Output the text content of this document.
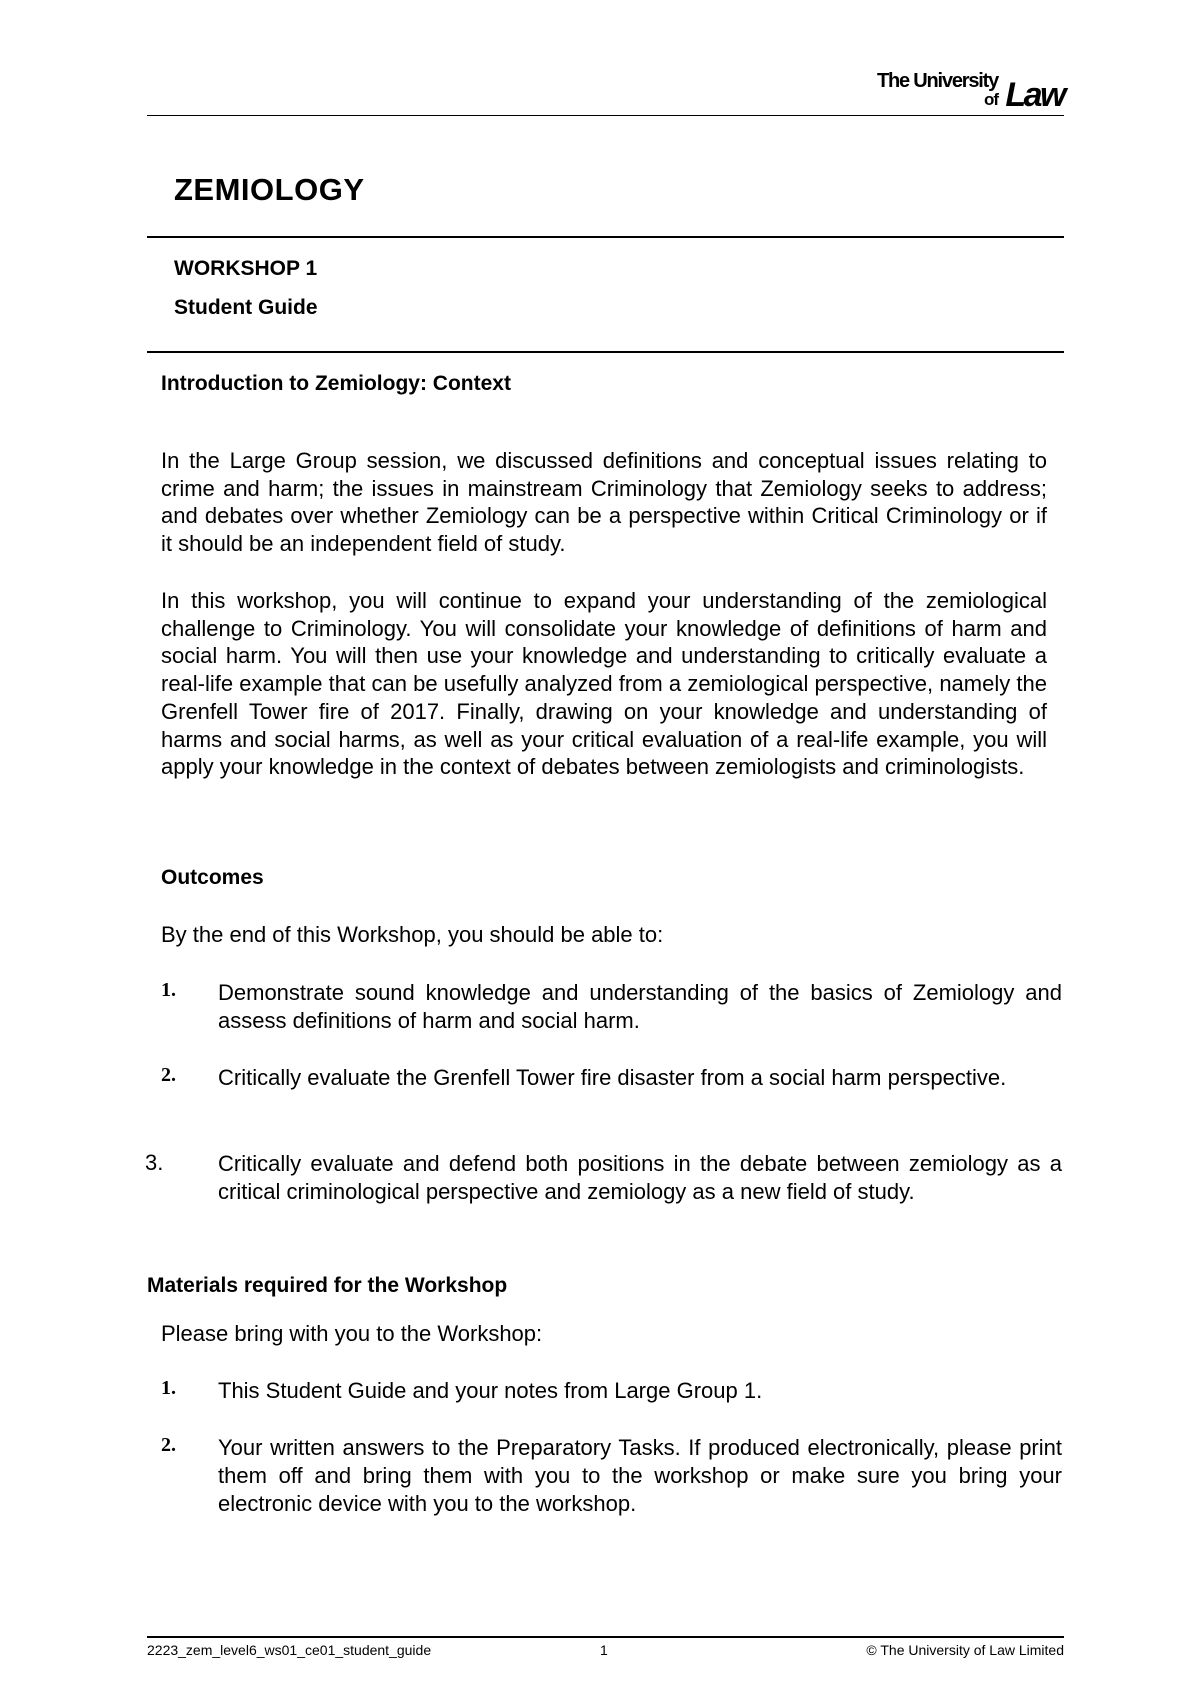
The University
of Law
ZEMIOLOGY
WORKSHOP 1
Student Guide
Introduction to Zemiology: Context
In the Large Group session, we discussed definitions and conceptual issues relating to crime and harm; the issues in mainstream Criminology that Zemiology seeks to address; and debates over whether Zemiology can be a perspective within Critical Criminology or if it should be an independent field of study.
In this workshop, you will continue to expand your understanding of the zemiological challenge to Criminology. You will consolidate your knowledge of definitions of harm and social harm. You will then use your knowledge and understanding to critically evaluate a real-life example that can be usefully analyzed from a zemiological perspective, namely the Grenfell Tower fire of 2017. Finally, drawing on your knowledge and understanding of harms and social harms, as well as your critical evaluation of a real-life example, you will apply your knowledge in the context of debates between zemiologists and criminologists.
Outcomes
By the end of this Workshop, you should be able to:
1. Demonstrate sound knowledge and understanding of the basics of Zemiology and assess definitions of harm and social harm.
2. Critically evaluate the Grenfell Tower fire disaster from a social harm perspective.
3. Critically evaluate and defend both positions in the debate between zemiology as a critical criminological perspective and zemiology as a new field of study.
Materials required for the Workshop
Please bring with you to the Workshop:
1. This Student Guide and your notes from Large Group 1.
2. Your written answers to the Preparatory Tasks. If produced electronically, please print them off and bring them with you to the workshop or make sure you bring your electronic device with you to the workshop.
2223_zem_level6_ws01_ce01_student_guide	1	© The University of Law Limited
